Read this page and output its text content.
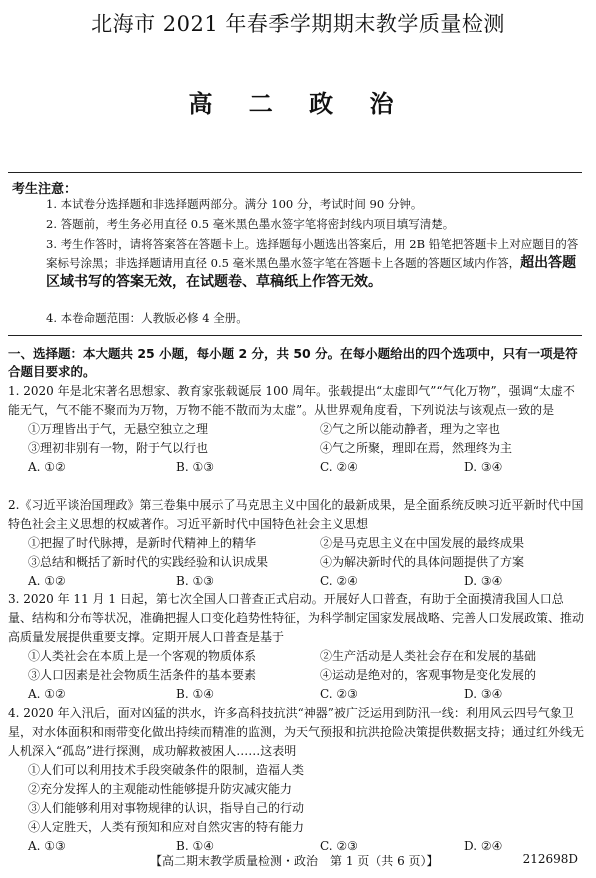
北海市 2021 年春季学期期末教学质量检测
高 二 政 治
考生注意：
1. 本试卷分选择题和非选择题两部分。满分 100 分，考试时间 90 分钟。
2. 答题前，考生务必用直径 0.5 毫米黑色墨水签字笔将密封线内项目填写清楚。
3. 考生作答时，请将答案答在答题卡上。选择题每小题选出答案后，用 2B 铅笔把答题卡上对应题目的答案标号涂黑；非选择题请用直径 0.5 毫米黑色墨水签字笔在答题卡上各题的答题区域内作答，超出答题区域书写的答案无效，在试题卷、草稿纸上作答无效。
4. 本卷命题范围：人教版必修 4 全册。
一、选择题：本大题共 25 小题，每小题 2 分，共 50 分。在每小题给出的四个选项中，只有一项是符合题目要求的。
1. 2020 年是北宋著名思想家、教育家张载诞辰 100 周年。张载提出“太虚即气”“气化万物”，强调“太虚不能无气，气不能不聚而为万物，万物不能不散而为太虚”。从世界观角度看，下列说法与该观点一致的是
①万理皆出于气，无悬空独立之理	②气之所以能动静者，理为之宰也
③理初非别有一物，附于气以行也	④气之所聚，理即在焉，然理终为主
A. ①②	B. ①③	C. ②④	D. ③④
2.《习近平谈治国理政》第三卷集中展示了马克思主义中国化的最新成果，是全面系统反映习近平新时代中国特色社会主义思想的权威著作。习近平新时代中国特色社会主义思想
①把握了时代脉搏，是新时代精神上的精华	②是马克思主义在中国发展的最终成果
③总结和概括了新时代的实践经验和认识成果	④为解决新时代的具体问题提供了方案
A. ①②	B. ①③	C. ②④	D. ③④
3. 2020 年 11 月 1 日起，第七次全国人口普查正式启动。开展好人口普查，有助于全面摸清我国人口总量、结构和分布等状况，准确把握人口变化趋势性特征，为科学制定国家发展战略、完善人口发展政策、推动高质量发展提供重要支撑。定期开展人口普查是基于
①人类社会在本质上是一个客观的物质体系	②生产活动是人类社会存在和发展的基础
③人口因素是社会物质生活条件的基本要素	④运动是绝对的，客观事物是变化发展的
A. ①②	B. ①④	C. ②③	D. ③④
4. 2020 年入汛后，面对凶猛的洪水，许多高科技抗洪“神器”被广泛运用到防汛一线：利用风云四号气象卫星，对水体面积和雨带变化做出持续而精准的监测，为天气预报和抗洪抢险决策提供数据支持；通过红外线无人机深入“孤岛”进行探测，成功解救被困人……这表明
①人们可以利用技术手段突破条件的限制，造福人类
②充分发挥人的主观能动性能够提升防灾减灾能力
③人们能够利用对事物规律的认识，指导自己的行动
④人定胜天，人类有预知和应对自然灾害的特有能力
A. ①③	B. ①④	C. ②③	D. ②④
【高二期末教学质量检测・政治　第 1 页（共 6 页）】	212698D
